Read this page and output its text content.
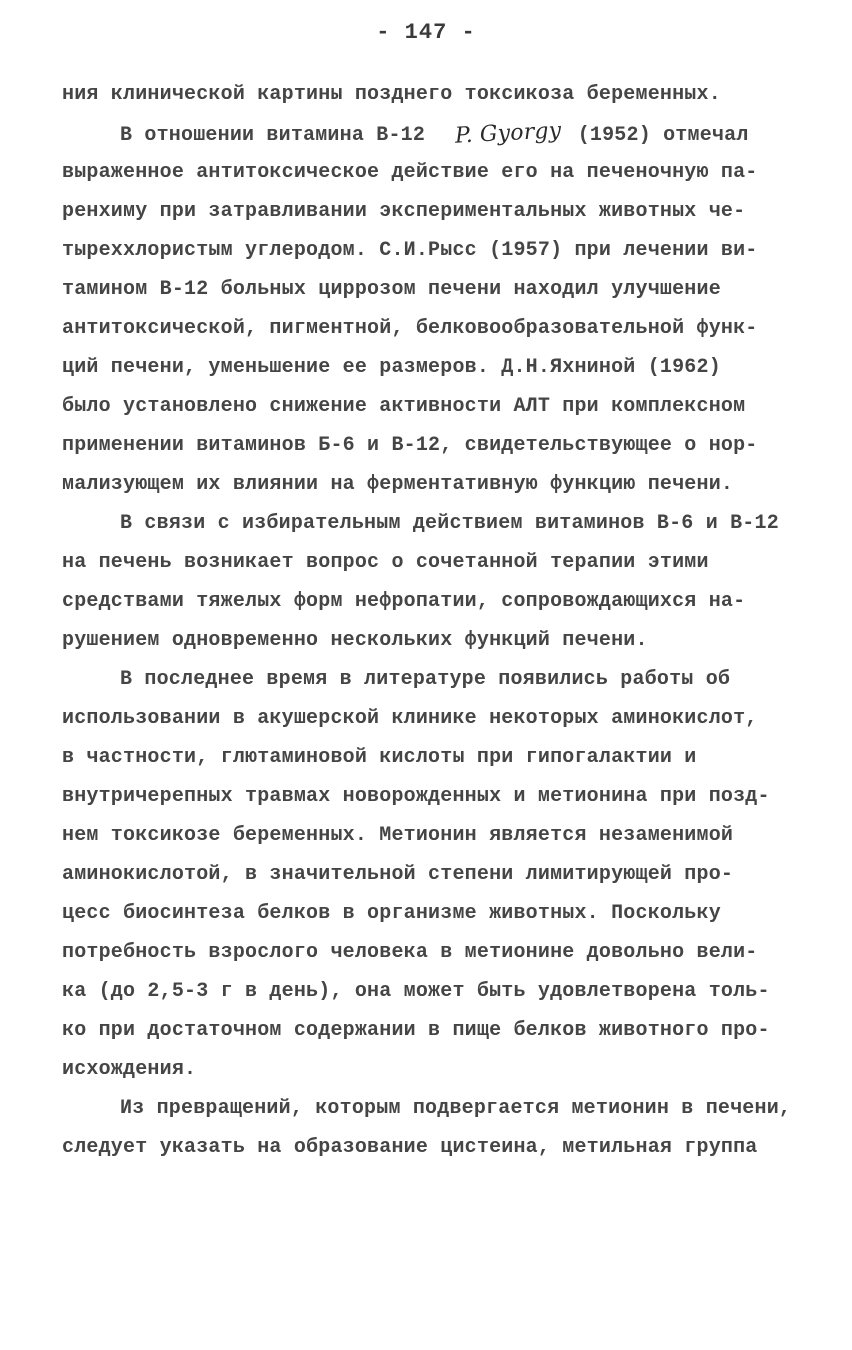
- 147 -
ния клинической картины позднего токсикоза беременных.
В отношении витамина В-12 P. Gyorgy (1952) отмечал
выраженное антитоксическое действие его на печеночную па-
ренхиму при затравливании экспериментальных животных че-
тыреххлористым углеродом. С.И.Рысс (1957) при лечении ви-
тамином В-12 больных циррозом печени находил улучшение
антитоксической, пигментной, белковообразовательной функ-
ций печени, уменьшение ее размеров. Д.Н.Яхниной (1962)
было установлено снижение активности АЛТ при комплексном
применении витаминов Б-6 и В-12, свидетельствующее о нор-
мализующем их влиянии на ферментативную функцию печени.
В связи с избирательным действием витаминов В-6 и В-12
на печень возникает вопрос о сочетанной терапии этими
средствами тяжелых форм нефропатии, сопровождающихся на-
рушением одновременно нескольких функций печени.
В последнее время в литературе появились работы об
использовании в акушерской клинике некоторых аминокислот,
в частности, глютаминовой кислоты при гипогалактии и
внутричерепных травмах новорожденных и метионина при позд-
нем токсикозе беременных. Метионин является незаменимой
аминокислотой, в значительной степени лимитирующей про-
цесс биосинтеза белков в организме животных. Поскольку
потребность взрослого человека в метионине довольно вели-
ка (до 2,5-3 г в день), она может быть удовлетворена толь-
ко при достаточном содержании в пище белков животного про-
исхождения.
Из превращений, которым подвергается метионин в печени,
следует указать на образование цистеина, метильная группа
